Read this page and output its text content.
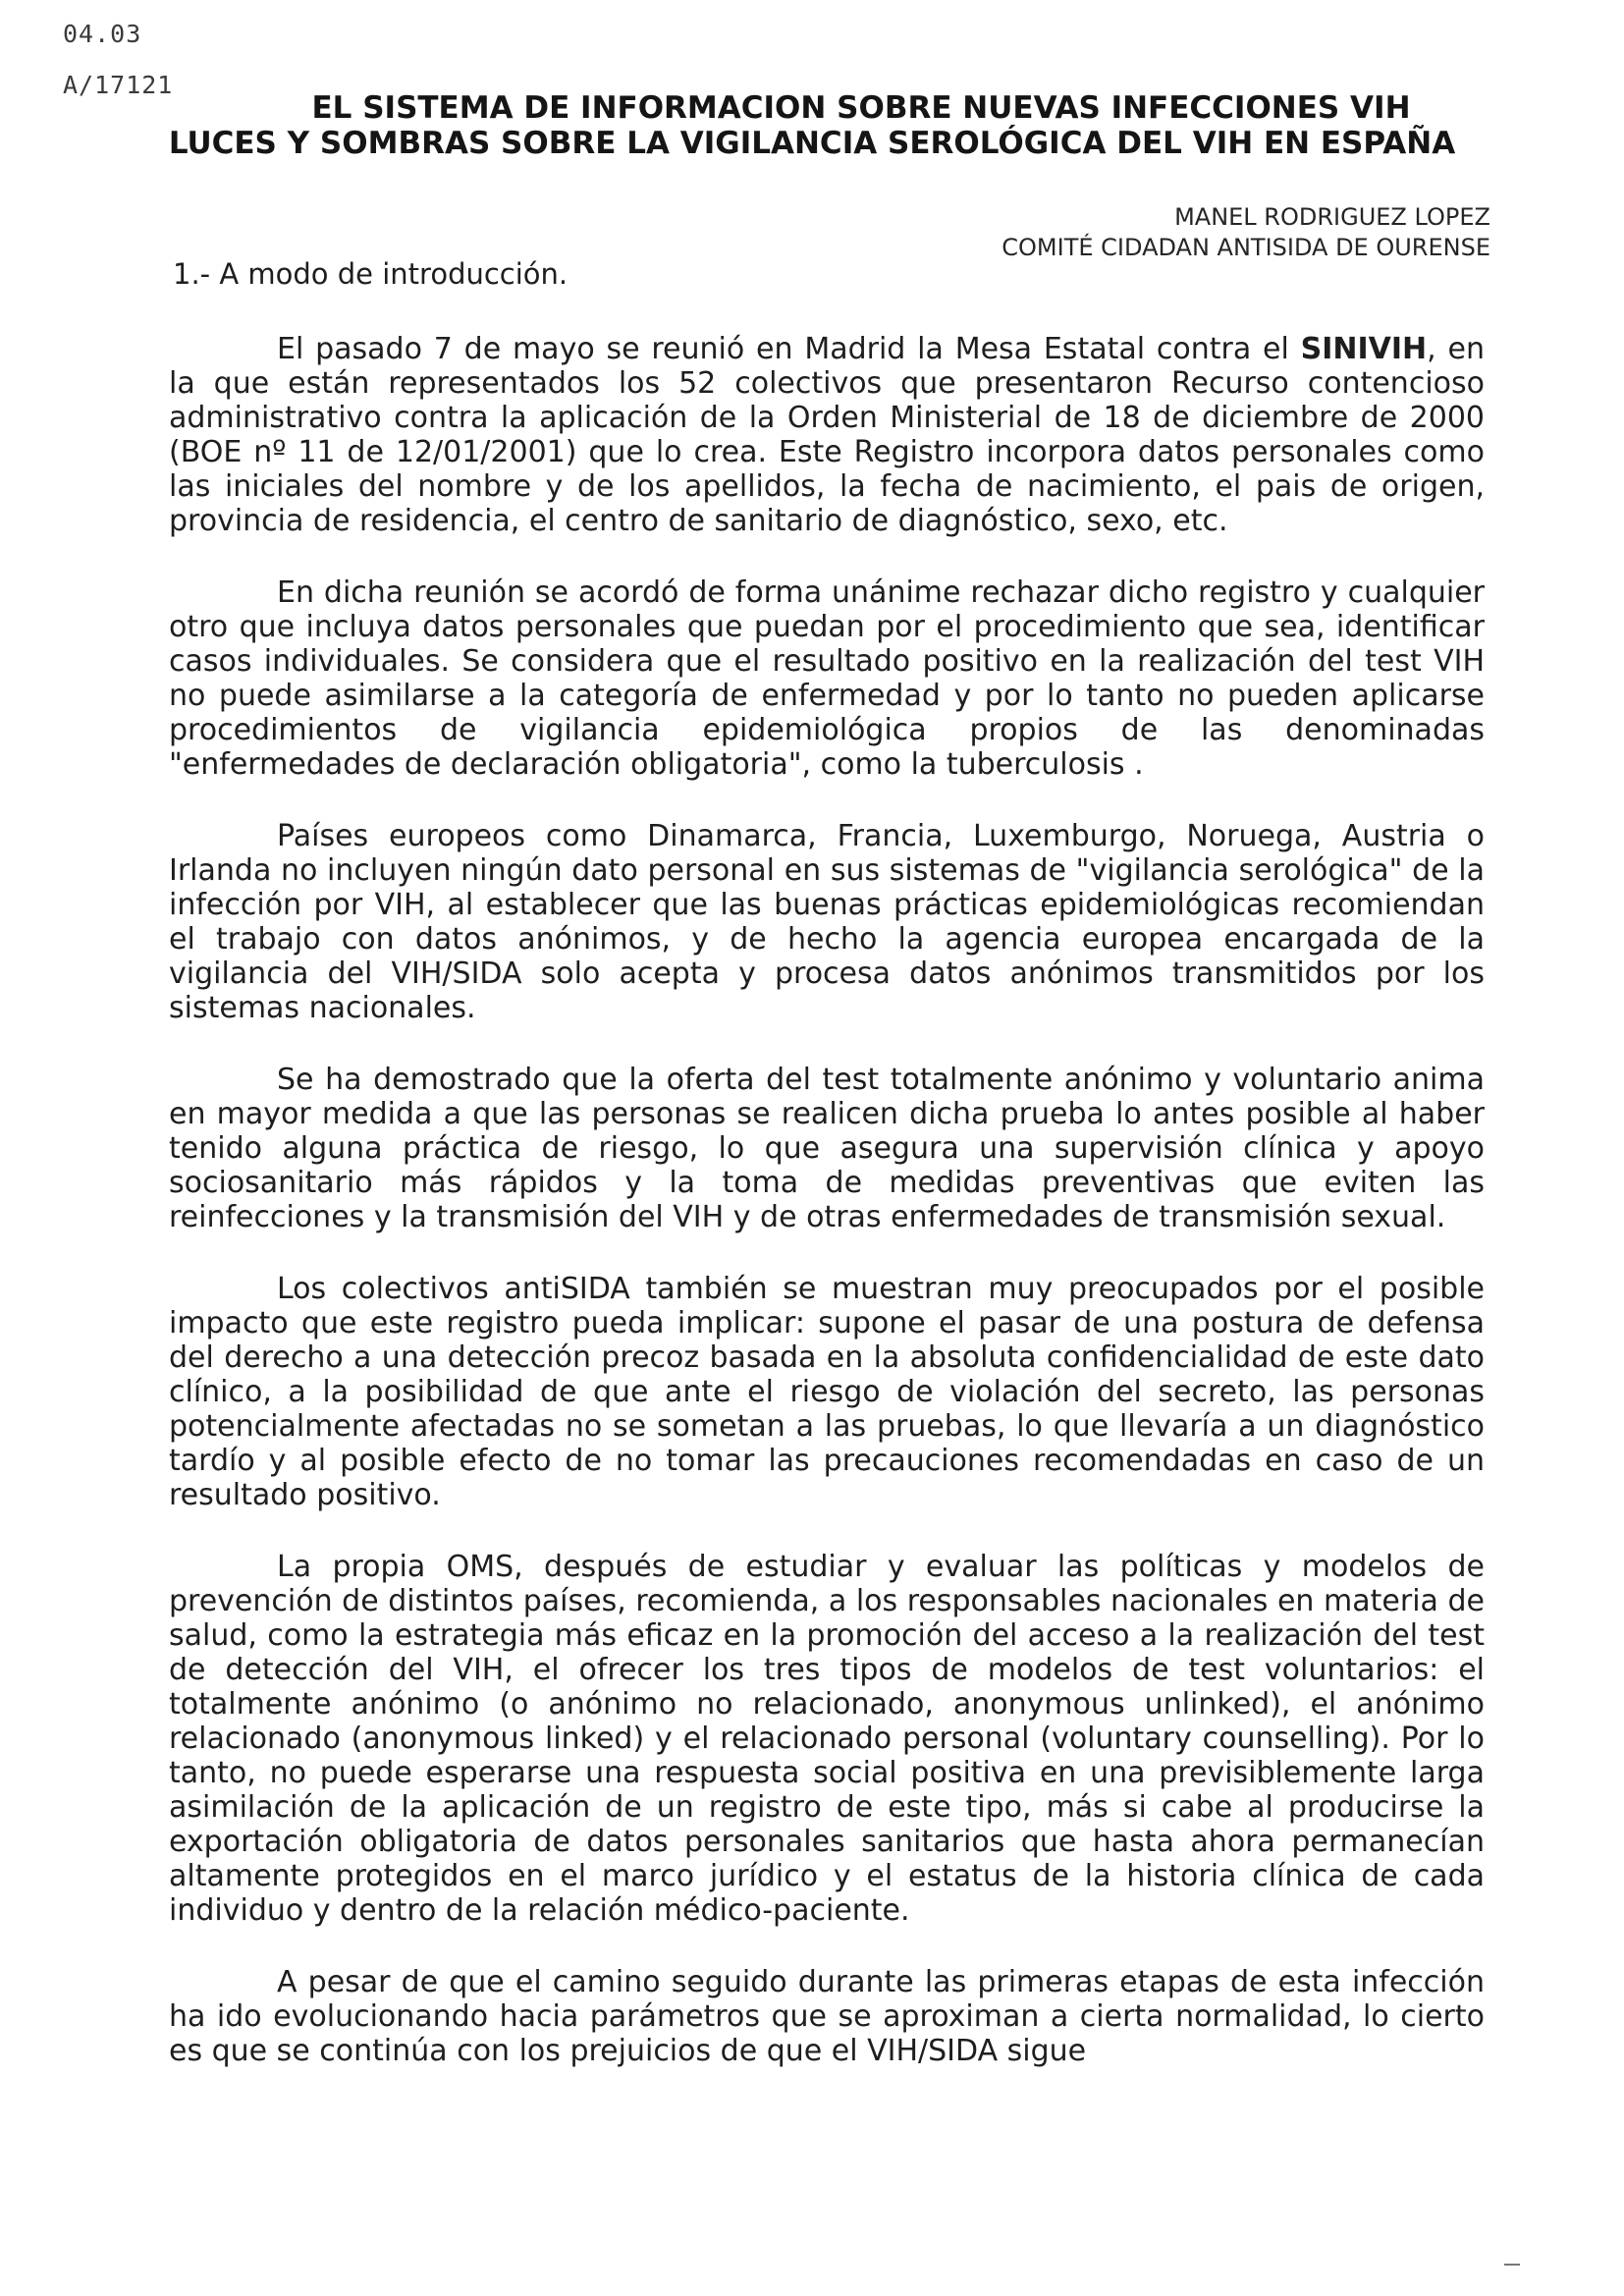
04.03
A/17121
EL SISTEMA DE INFORMACION SOBRE NUEVAS INFECCIONES VIH
LUCES Y SOMBRAS SOBRE LA VIGILANCIA SEROLÓGICA DEL VIH EN ESPAÑA
MANEL RODRIGUEZ LOPEZ
COMITÉ CIDADAN ANTISIDA DE OURENSE
1.- A modo de introducción.

El pasado 7 de mayo se reunió en Madrid la Mesa Estatal contra el SINIVIH, en la que están representados los 52 colectivos que presentaron Recurso contencioso administrativo contra la aplicación de la Orden Ministerial de 18 de diciembre de 2000 (BOE nº 11 de 12/01/2001) que lo crea. Este Registro incorpora datos personales como las iniciales del nombre y de los apellidos, la fecha de nacimiento, el pais de origen, provincia de residencia, el centro de sanitario de diagnóstico, sexo, etc.

En dicha reunión se acordó de forma unánime rechazar dicho registro y cualquier otro que incluya datos personales que puedan por el procedimiento que sea, identificar casos individuales. Se considera que el resultado positivo en la realización del test VIH no puede asimilarse a la categoría de enfermedad y por lo tanto no pueden aplicarse procedimientos de vigilancia epidemiológica propios de las denominadas "enfermedades de declaración obligatoria", como la tuberculosis .

Países europeos como Dinamarca, Francia, Luxemburgo, Noruega, Austria o Irlanda no incluyen ningún dato personal en sus sistemas de "vigilancia serológica" de la infección por VIH, al establecer que las buenas prácticas epidemiológicas recomiendan el trabajo con datos anónimos, y de hecho la agencia europea encargada de la vigilancia del VIH/SIDA solo acepta y procesa datos anónimos transmitidos por los sistemas nacionales.

Se ha demostrado que la oferta del test totalmente anónimo y voluntario anima en mayor medida a que las personas se realicen dicha prueba lo antes posible al haber tenido alguna práctica de riesgo, lo que asegura una supervisión clínica y apoyo sociosanitario más rápidos y la toma de medidas preventivas que eviten las reinfecciones y la transmisión del VIH y de otras enfermedades de transmisión sexual.

Los colectivos antiSIDA también se muestran muy preocupados por el posible impacto que este registro pueda implicar: supone el pasar de una postura de defensa del derecho a una detección precoz basada en la absoluta confidencialidad de este dato clínico, a la posibilidad de que ante el riesgo de violación del secreto, las personas potencialmente afectadas no se sometan a las pruebas, lo que llevaría a un diagnóstico tardío y al posible efecto de no tomar las precauciones recomendadas en caso de un resultado positivo.

La propia OMS, después de estudiar y evaluar las políticas y modelos de prevención de distintos países, recomienda, a los responsables nacionales en materia de salud, como la estrategia más eficaz en la promoción del acceso a la realización del test de detección del VIH, el ofrecer los tres tipos de modelos de test voluntarios: el totalmente anónimo (o anónimo no relacionado, anonymous unlinked), el anónimo relacionado (anonymous linked) y el relacionado personal (voluntary counselling). Por lo tanto, no puede esperarse una respuesta social positiva en una previsiblemente larga asimilación de la aplicación de un registro de este tipo, más si cabe al producirse la exportación obligatoria de datos personales sanitarios que hasta ahora permanecían altamente protegidos en el marco jurídico y el estatus de la historia clínica de cada individuo y dentro de la relación médico-paciente.

A pesar de que el camino seguido durante las primeras etapas de esta infección ha ido evolucionando hacia parámetros que se aproximan a cierta normalidad, lo cierto es que se continúa con los prejuicios de que el VIH/SIDA sigue
